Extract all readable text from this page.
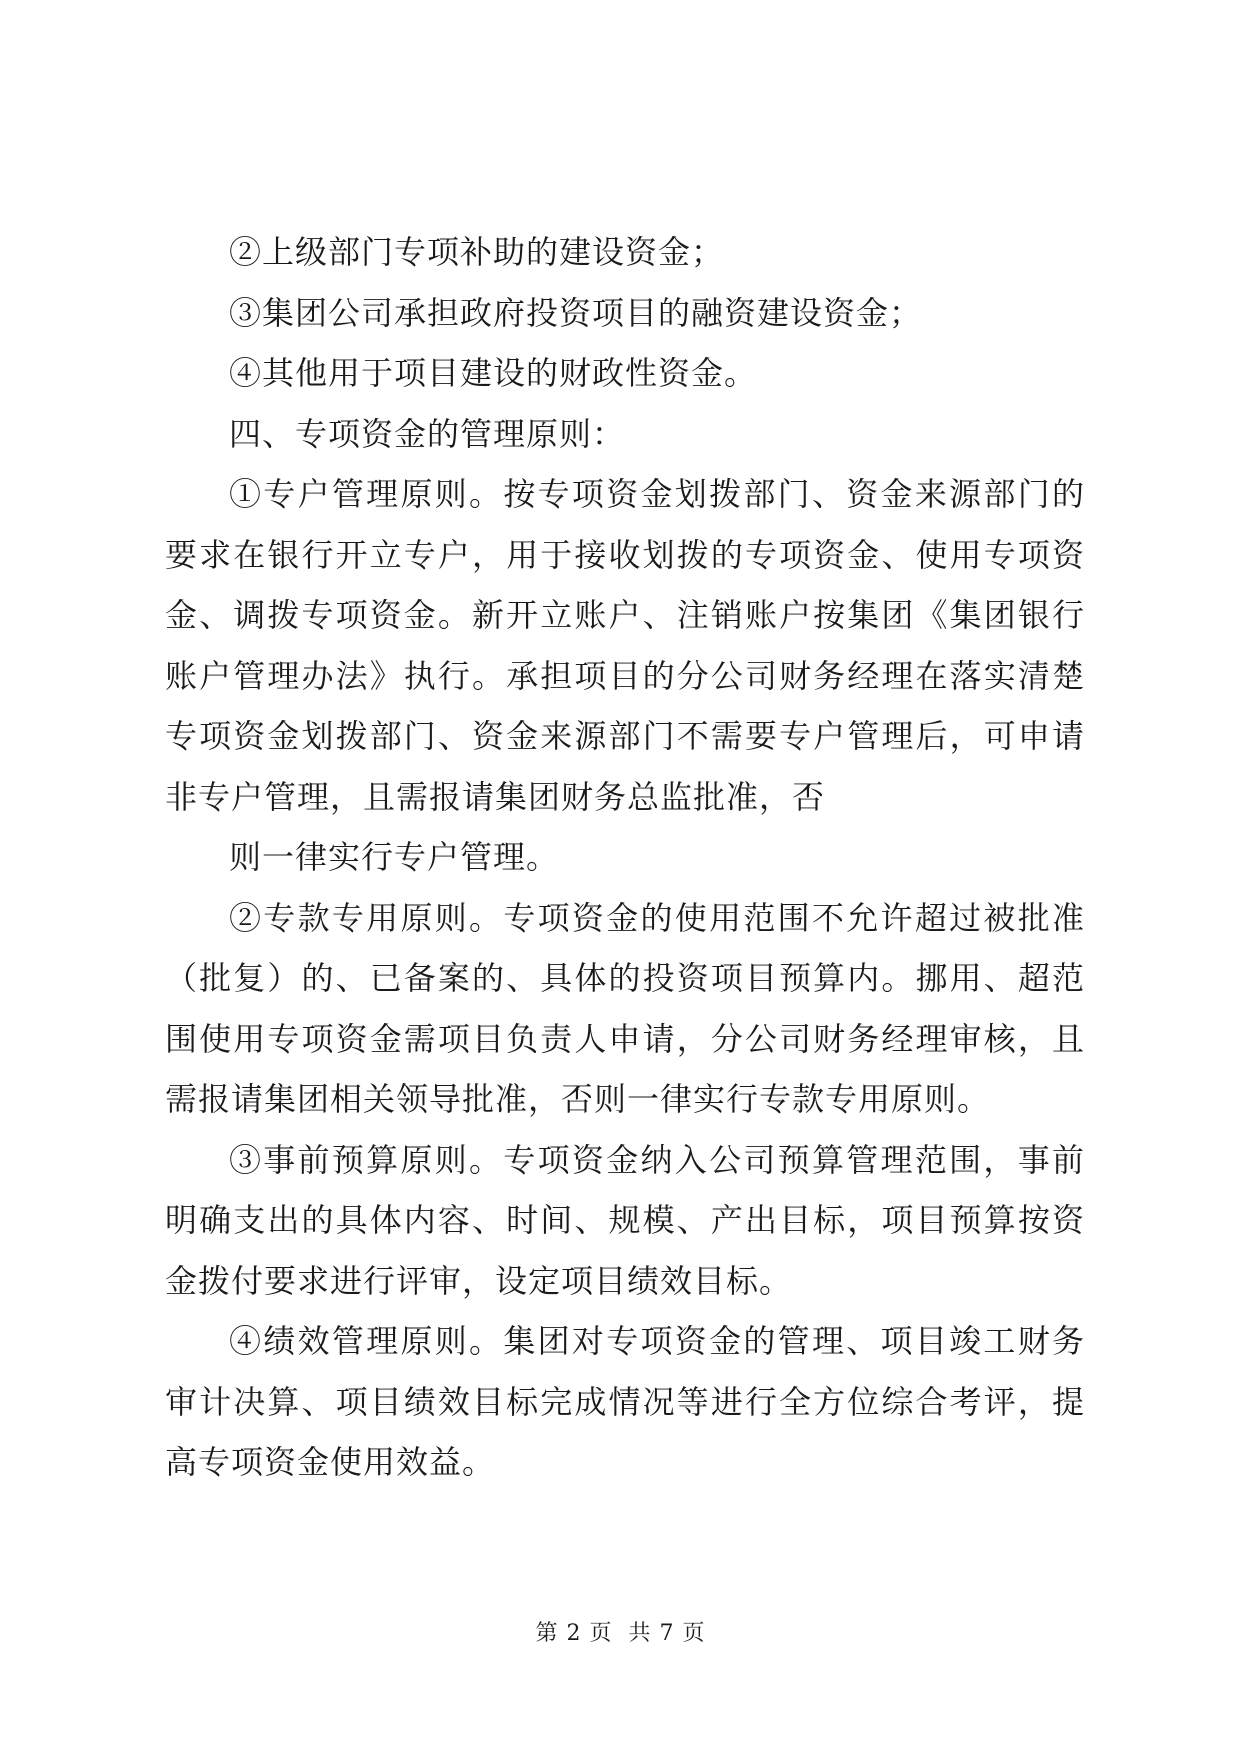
②上级部门专项补助的建设资金；

③集团公司承担政府投资项目的融资建设资金；

④其他用于项目建设的财政性资金。

四、专项资金的管理原则：

①专户管理原则。按专项资金划拨部门、资金来源部门的要求在银行开立专户，用于接收划拨的专项资金、使用专项资金、调拨专项资金。新开立账户、注销账户按集团《集团银行账户管理办法》执行。承担项目的分公司财务经理在落实清楚专项资金划拨部门、资金来源部门不需要专户管理后，可申请非专户管理，且需报请集团财务总监批准，否

则一律实行专户管理。

②专款专用原则。专项资金的使用范围不允许超过被批准（批复）的、已备案的、具体的投资项目预算内。挪用、超范围使用专项资金需项目负责人申请，分公司财务经理审核，且需报请集团相关领导批准，否则一律实行专款专用原则。

③事前预算原则。专项资金纳入公司预算管理范围，事前明确支出的具体内容、时间、规模、产出目标，项目预算按资金拨付要求进行评审，设定项目绩效目标。

④绩效管理原则。集团对专项资金的管理、项目竣工财务审计决算、项目绩效目标完成情况等进行全方位综合考评，提高专项资金使用效益。

第 2 页  共 7 页
